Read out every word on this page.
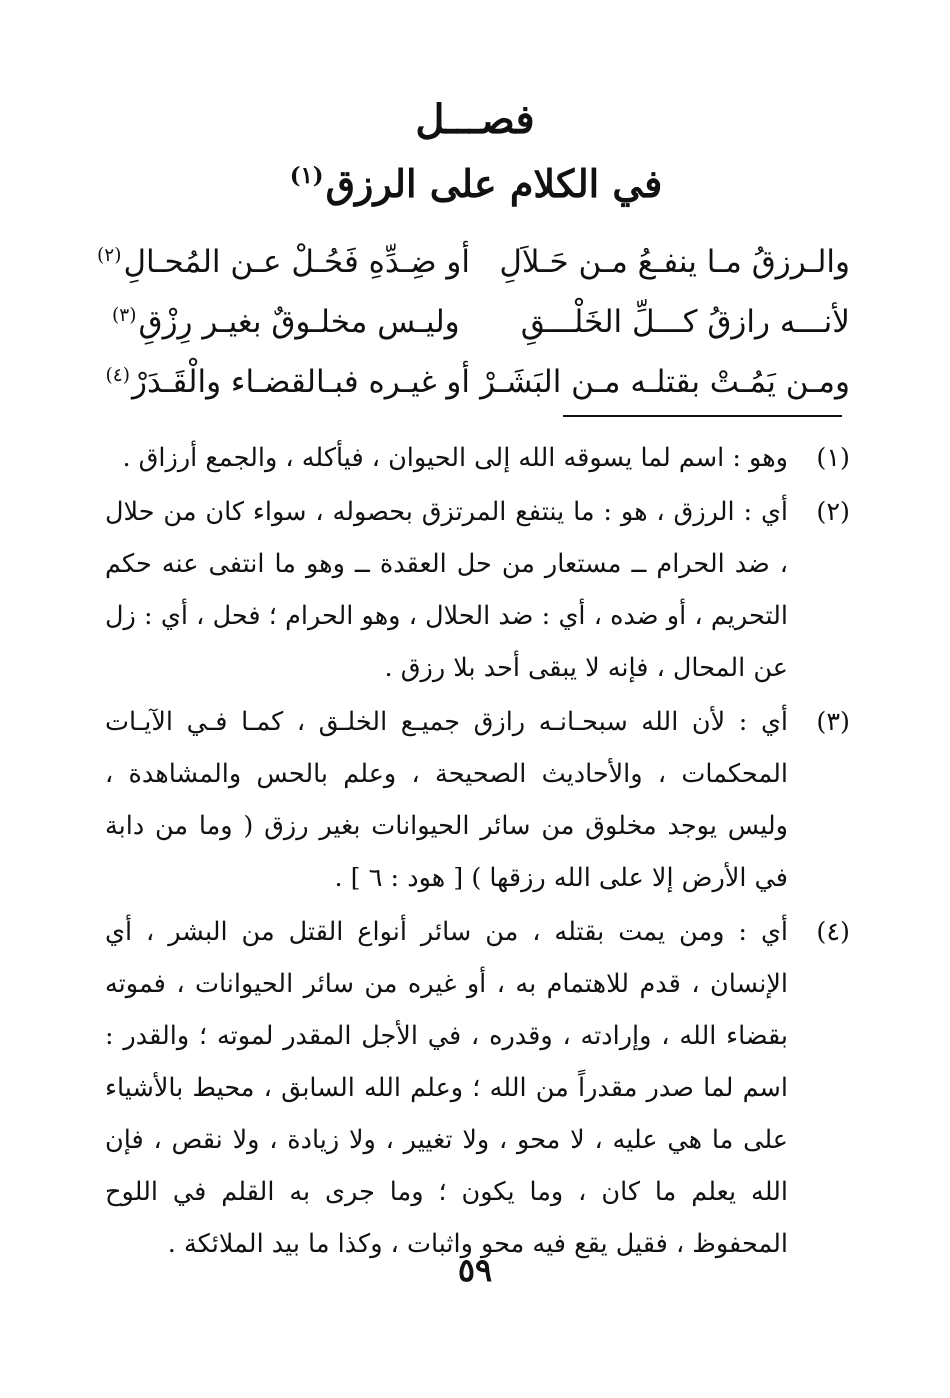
فصـــل
في الكلام على الرزق$^{(١)}$
والـرزقُ مـا ينفـعُ مـن حَـلاَلِ
أو ضِـدِّهِ فَحُـلْ عـن المُحـالِ$^{(٢)}$
لأنـــه رازقُ كـــلِّ الخَلْـــقِ
وليـس مخلـوقٌ بغيـر رِزْقِ$^{(٣)}$
ومـن يَمُـتْ بقتلـه مـن البَشَـرْ
أو غيـره فبـالقضـاء والْقَـدَرْ$^{(٤)}$

(١)
وهو : اسم لما يسوقه الله إلى الحيوان ، فيأكله ، والجمع أرزاق .

(٢)
أي : الرزق ، هو : ما ينتفع المرتزق بحصوله ، سواء كان من حلال ، ضد الحرام ــ مستعار من حل العقدة ــ وهو ما انتفى عنه حكم التحريم ، أو ضده ، أي : ضد الحلال ، وهو الحرام ؛ فحل ، أي : زل عن المحال ، فإنه لا يبقى أحد بلا رزق .

(٣)
أي : لأن الله سبحـانـه رازق جميـع الخلـق ، كمـا فـي الآيـات المحكمات ، والأحاديث الصحيحة ، وعلم بالحس والمشاهدة ، وليس يوجد مخلوق من سائر الحيوانات بغير رزق ( وما من دابة في الأرض إلا على الله رزقها ) [ هود : ٦ ] .

(٤)
أي : ومن يمت بقتله ، من سائر أنواع القتل من البشر ، أي الإنسان ، قدم للاهتمام به ، أو غيره من سائر الحيوانات ، فموته بقضاء الله ، وإرادته ، وقدره ، في الأجل المقدر لموته ؛ والقدر : اسم لما صدر مقدراً من الله ؛ وعلم الله السابق ، محيط بالأشياء على ما هي عليه ، لا محو ، ولا تغيير ، ولا زيادة ، ولا نقص ، فإن الله يعلم ما كان ، وما يكون ؛ وما جرى به القلم في اللوح المحفوظ ، فقيل يقع فيه محو واثبات ، وكذا ما بيد الملائكة .

٥٩
